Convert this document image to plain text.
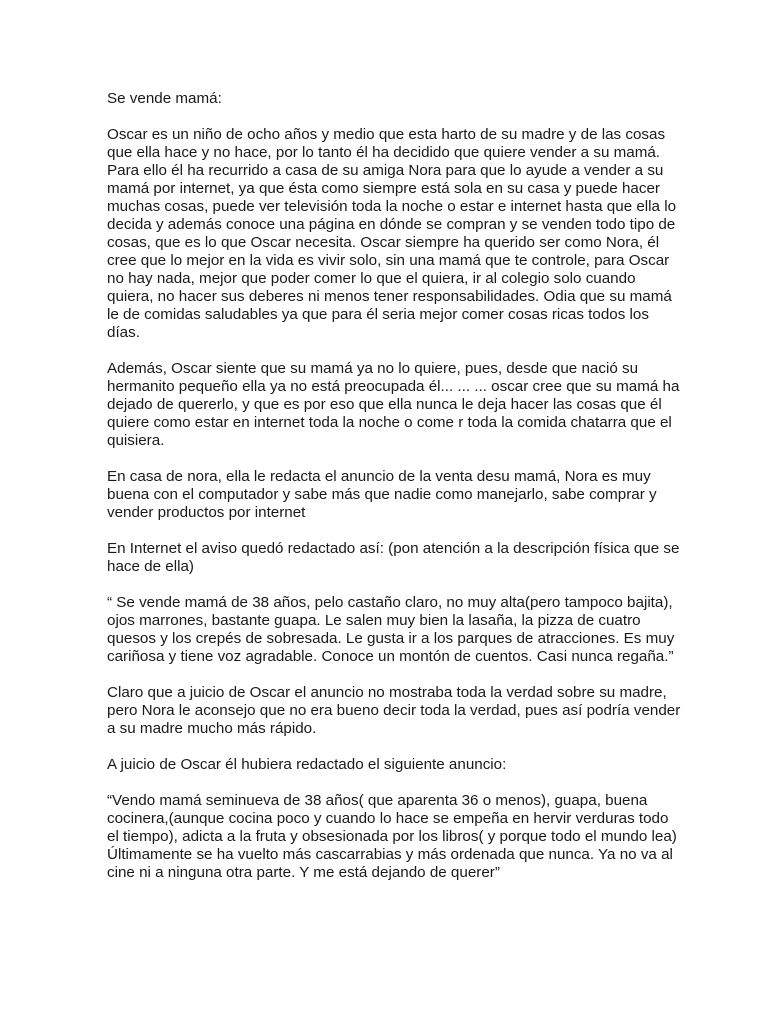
Se vende mamá:

Oscar es un niño de ocho años y medio que esta harto de su madre y de las cosas que ella hace y no hace, por lo tanto él ha decidido que quiere vender a su mamá. Para ello él ha recurrido a casa de su amiga Nora para que lo ayude a vender a su mamá por internet, ya que ésta como siempre está sola en su casa y puede hacer muchas cosas, puede ver televisión toda la noche o estar e internet hasta que ella lo decida y además conoce una página en dónde se compran y se venden todo tipo de cosas, que es lo que Oscar necesita. Oscar siempre ha querido ser como Nora, él cree que lo mejor en la vida es vivir solo, sin una mamá que te controle, para Oscar no hay nada, mejor que poder comer lo que el quiera, ir al colegio solo cuando quiera, no hacer sus deberes ni menos tener responsabilidades. Odia que su mamá le de comidas saludables ya que para él seria mejor comer cosas ricas todos los días.

Además, Oscar siente que su mamá ya no lo quiere, pues, desde que nació su hermanito pequeño ella ya no está preocupada él... ... ... oscar cree que su mamá ha dejado de quererlo, y que es por eso que ella nunca le deja hacer las cosas que él quiere como estar en internet toda la noche o come r toda la comida chatarra que el quisiera.

En casa de nora, ella le redacta el anuncio de la venta desu mamá, Nora es muy buena con el computador y sabe más que nadie como manejarlo, sabe comprar y vender productos por internet

En Internet el aviso quedó redactado así: (pon atención a la descripción física que se hace de ella)

“ Se vende mamá de 38 años, pelo castaño claro, no muy alta(pero tampoco bajita), ojos marrones, bastante guapa. Le salen muy bien la lasaña, la pizza de cuatro quesos y los crepés de sobresada. Le gusta ir a los parques de atracciones. Es muy cariñosa y tiene voz agradable. Conoce un montón de cuentos. Casi nunca regaña.”

Claro que a juicio de Oscar el anuncio no mostraba toda la verdad sobre su madre, pero Nora le aconsejo que no era bueno decir toda la verdad, pues así podría vender a su madre mucho más rápido.

A juicio de Oscar él hubiera redactado el siguiente anuncio:

“Vendo mamá seminueva de 38 años( que aparenta 36 o menos), guapa, buena cocinera,(aunque cocina poco y cuando lo hace se empeña en hervir verduras todo el tiempo), adicta a la fruta y obsesionada por los libros( y porque todo el mundo lea) Últimamente se ha vuelto más cascarrabias y más ordenada que nunca. Ya no va al cine ni a ninguna otra parte. Y me está dejando de querer”
